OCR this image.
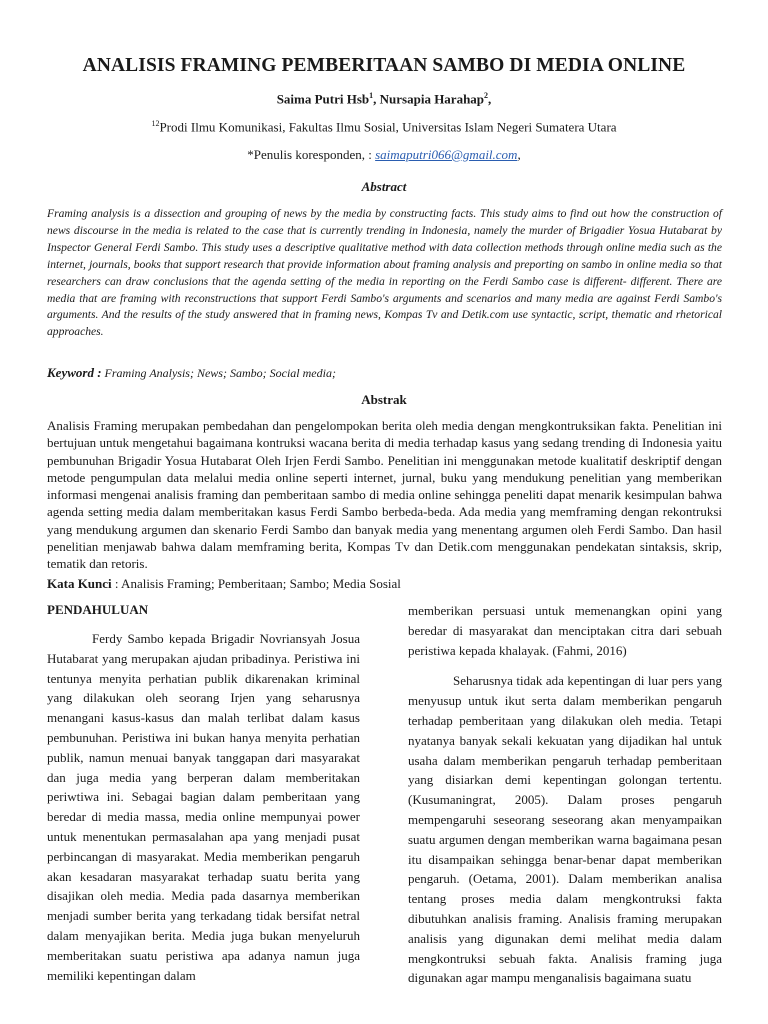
ANALISIS FRAMING PEMBERITAAN SAMBO DI MEDIA ONLINE
Saima Putri Hsb$^1$, Nursapia Harahap$^2$,
$^{12}$Prodi Ilmu Komunikasi, Fakultas Ilmu Sosial, Universitas Islam Negeri Sumatera Utara
*Penulis koresponden, : saimaputri066@gmail.com,
Abstract

Framing analysis is a dissection and grouping of news by the media by constructing facts. This study aims to find out how the construction of news discourse in the media is related to the case that is currently trending in Indonesia, namely the murder of Brigadier Yosua Hutabarat by Inspector General Ferdi Sambo. This study uses a descriptive qualitative method with data collection methods through online media such as the internet, journals, books that support research that provide information about framing analysis and preporting on sambo in online media so that researchers can draw conclusions that the agenda setting of the media in reporting on the Ferdi Sambo case is different- different. There are media that are framing with reconstructions that support Ferdi Sambo's arguments and scenarios and many media are against Ferdi Sambo's arguments. And the results of the study answered that in framing news, Kompas Tv and Detik.com use syntactic, script, thematic and rhetorical approaches.

Keyword : Framing Analysis; News; Sambo; Social media;
Abstrak

Analisis Framing merupakan pembedahan dan pengelompokan berita oleh media dengan mengkontruksikan fakta. Penelitian ini bertujuan untuk mengetahui bagaimana kontruksi wacana berita di media terhadap kasus yang sedang trending di Indonesia yaitu pembunuhan Brigadir Yosua Hutabarat Oleh Irjen Ferdi Sambo. Penelitian ini menggunakan metode kualitatif deskriptif dengan metode pengumpulan data melalui media online seperti internet, jurnal, buku yang mendukung penelitian yang memberikan informasi mengenai analisis framing dan pemberitaan sambo di media online sehingga peneliti dapat menarik kesimpulan bahwa agenda setting media dalam memberitakan kasus Ferdi Sambo berbeda-beda. Ada media yang memframing dengan rekontruksi yang mendukung argumen dan skenario Ferdi Sambo dan banyak media yang menentang argumen oleh Ferdi Sambo. Dan hasil penelitian menjawab bahwa dalam memframing berita, Kompas Tv dan Detik.com menggunakan pendekatan sintaksis, skrip, tematik dan retoris.

Kata Kunci : Analisis Framing; Pemberitaan; Sambo; Media Sosial
PENDAHULUAN

Ferdy Sambo kepada Brigadir Novriansyah Josua Hutabarat yang merupakan ajudan pribadinya. Peristiwa ini tentunya menyita perhatian publik dikarenakan kriminal yang dilakukan oleh seorang Irjen yang seharusnya menangani kasus-kasus dan malah terlibat dalam kasus pembunuhan. Peristiwa ini bukan hanya menyita perhatian publik, namun menuai banyak tanggapan dari masyarakat dan juga media yang berperan dalam memberitakan periwtiwa ini. Sebagai bagian dalam pemberitaan yang beredar di media massa, media online mempunyai power untuk menentukan permasalahan apa yang menjadi pusat perbincangan di masyarakat. Media memberikan pengaruh akan kesadaran masyarakat terhadap suatu berita yang disajikan oleh media. Media pada dasarnya memberikan menjadi sumber berita yang terkadang tidak bersifat netral dalam menyajikan berita. Media juga bukan menyeluruh memberitakan suatu peristiwa apa adanya namun juga memiliki kepentingan dalam

memberikan persuasi untuk memenangkan opini yang beredar di masyarakat dan menciptakan citra dari sebuah peristiwa kepada khalayak. (Fahmi, 2016)

Seharusnya tidak ada kepentingan di luar pers yang menyusup untuk ikut serta dalam memberikan pengaruh terhadap pemberitaan yang dilakukan oleh media. Tetapi nyatanya banyak sekali kekuatan yang dijadikan hal untuk usaha dalam memberikan pengaruh terhadap pemberitaan yang disiarkan demi kepentingan golongan tertentu. (Kusumaningrat, 2005). Dalam proses pengaruh mempengaruhi seseorang seseorang akan menyampaikan suatu argumen dengan memberikan warna bagaimana pesan itu disampaikan sehingga benar-benar dapat memberikan pengaruh. (Oetama, 2001). Dalam memberikan analisa tentang proses media dalam mengkontruksi fakta dibutuhkan analisis framing. Analisis framing merupakan analisis yang digunakan demi melihat media dalam mengkontruksi sebuah fakta. Analisis framing juga digunakan agar mampu menganalisis bagaimana suatu
